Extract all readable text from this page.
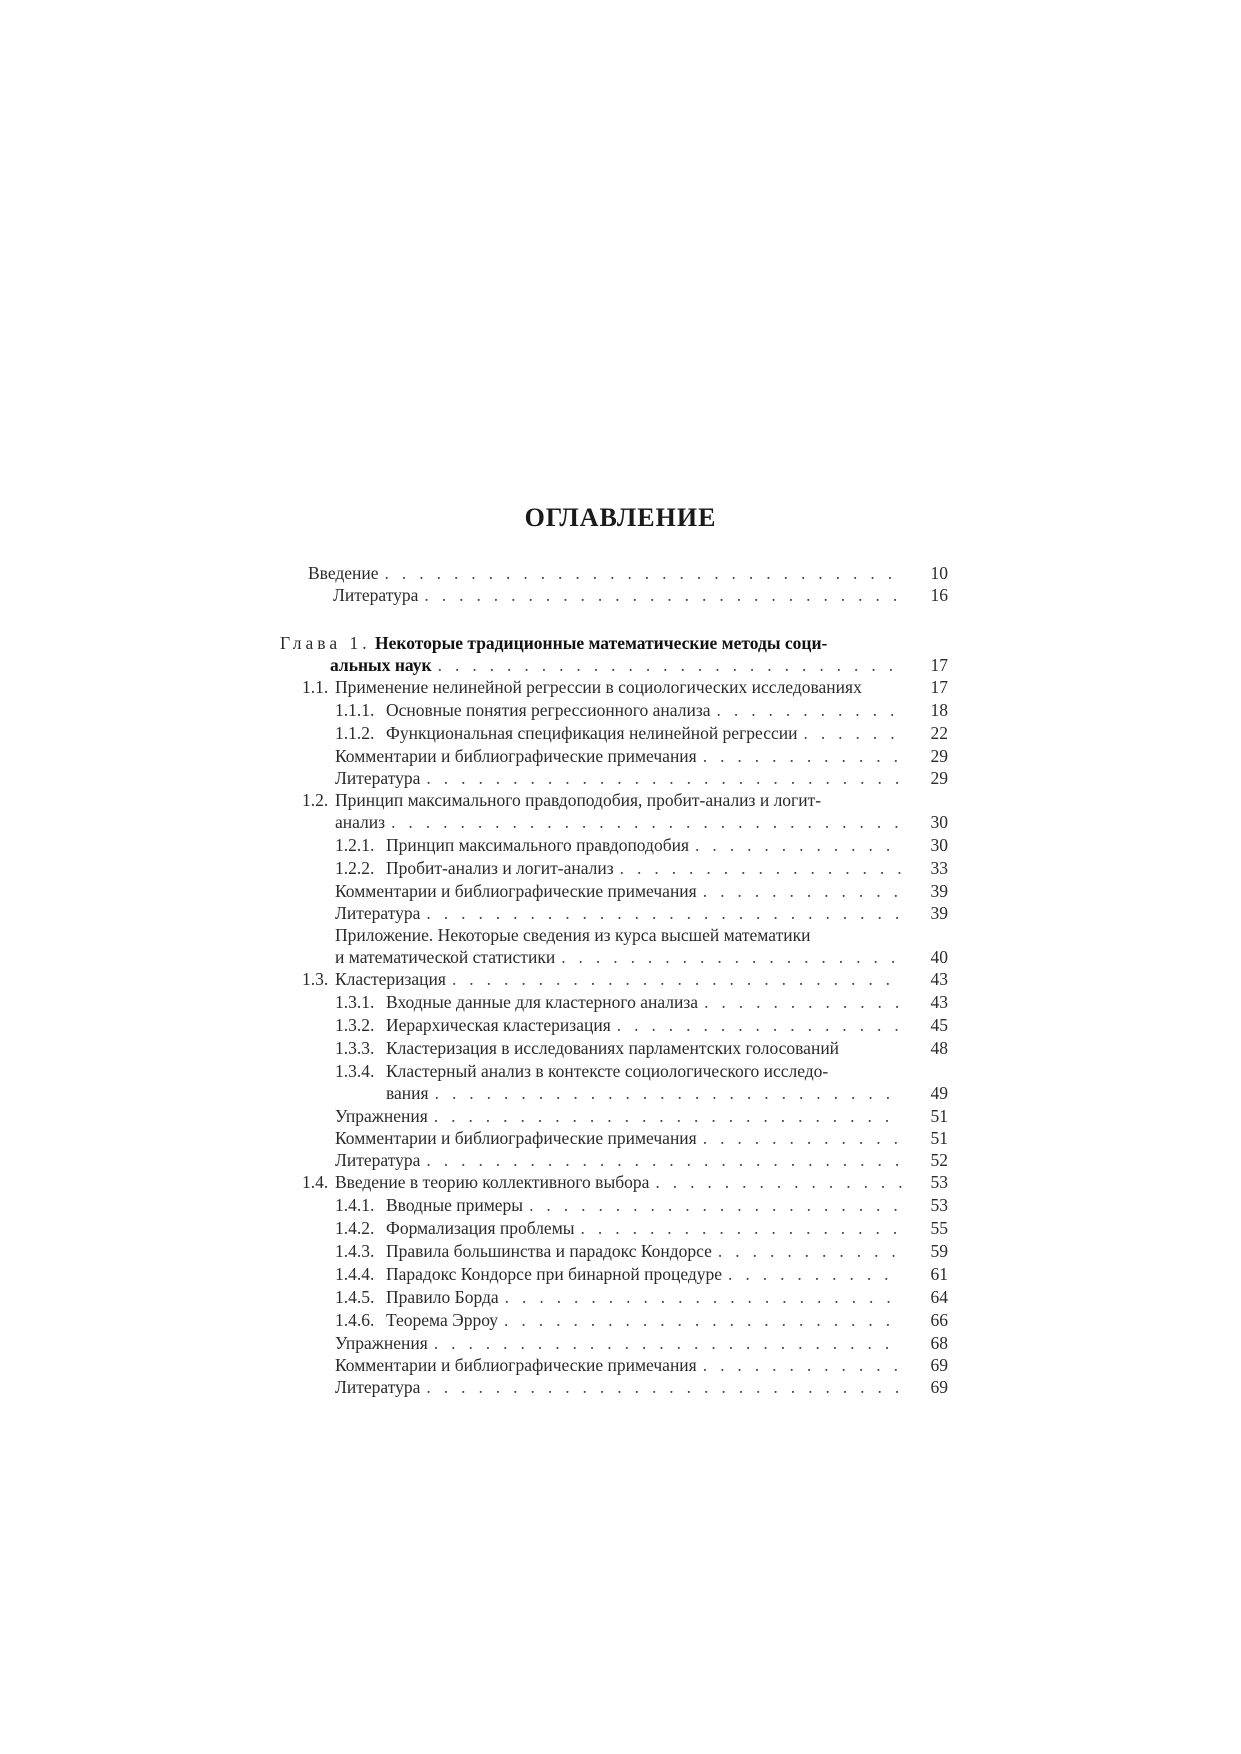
ОГЛАВЛЕНИЕ
Введение . . .	10
Литература . . .	16
Глава 1. Некоторые традиционные математические методы соци-
альных наук . . .	17
1.1. Применение нелинейной регрессии в социологических исследованиях	17
1.1.1. Основные понятия регрессионного анализа . . .	18
1.1.2. Функциональная спецификация нелинейной регрессии . . .	22
Комментарии и библиографические примечания . . .	29
Литература . . .	29
1.2. Принцип максимального правдоподобия, пробит-анализ и логит-
анализ . . .	30
1.2.1. Принцип максимального правдоподобия . . .	30
1.2.2. Пробит-анализ и логит-анализ . . .	33
Комментарии и библиографические примечания . . .	39
Литература . . .	39
Приложение. Некоторые сведения из курса высшей математики
и математической статистики . . .	40
1.3. Кластеризация . . .	43
1.3.1. Входные данные для кластерного анализа . . .	43
1.3.2. Иерархическая кластеризация . . .	45
1.3.3. Кластеризация в исследованиях парламентских голосований	48
1.3.4. Кластерный анализ в контексте социологического исследо-
вания . . .	49
Упражнения . . .	51
Комментарии и библиографические примечания . . .	51
Литература . . .	52
1.4. Введение в теорию коллективного выбора . . .	53
1.4.1. Вводные примеры . . .	53
1.4.2. Формализация проблемы . . .	55
1.4.3. Правила большинства и парадокс Кондорсе . . .	59
1.4.4. Парадокс Кондорсе при бинарной процедуре . . .	61
1.4.5. Правило Борда . . .	64
1.4.6. Теорема Эрроу . . .	66
Упражнения . . .	68
Комментарии и библиографические примечания . . .	69
Литература . . .	69
